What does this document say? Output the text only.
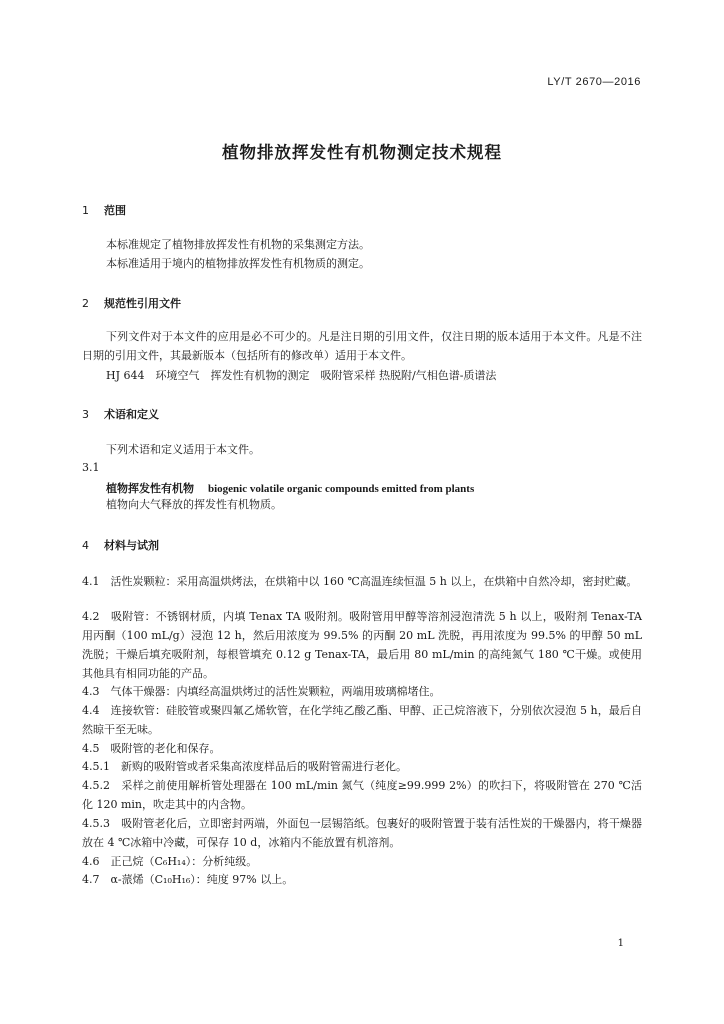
LY/T 2670—2016
植物排放挥发性有机物测定技术规程
1 范围
本标准规定了植物排放挥发性有机物的采集测定方法。
本标准适用于境内的植物排放挥发性有机物质的测定。
2 规范性引用文件
下列文件对于本文件的应用是必不可少的。凡是注日期的引用文件，仅注日期的版本适用于本文件。凡是不注日期的引用文件，其最新版本（包括所有的修改单）适用于本文件。
HJ 644　环境空气　挥发性有机物的测定　吸附管采样 热脱附/气相色谱-质谱法
3 术语和定义
下列术语和定义适用于本文件。
3.1
植物挥发性有机物 biogenic volatile organic compounds emitted from plants
植物向大气释放的挥发性有机物质。
4 材料与试剂
4.1　活性炭颗粒：采用高温烘烤法，在烘箱中以 160 ℃高温连续恒温 5 h 以上，在烘箱中自然冷却，密封贮藏。
4.2　吸附管：不锈钢材质，内填 Tenax TA 吸附剂。吸附管用甲醇等溶剂浸泡清洗 5 h 以上，吸附剂 Tenax-TA 用丙酮（100 mL/g）浸泡 12 h，然后用浓度为 99.5% 的丙酮 20 mL 洗脱，再用浓度为 99.5% 的甲醇 50 mL 洗脱；干燥后填充吸附剂，每根管填充 0.12 g Tenax-TA，最后用 80 mL/min 的高纯氮气 180 ℃干燥。或使用其他具有相同功能的产品。
4.3　气体干燥器：内填经高温烘烤过的活性炭颗粒，两端用玻璃棉堵住。
4.4　连接软管：硅胶管或聚四氟乙烯软管，在化学纯乙酸乙酯、甲醇、正己烷溶液下，分别依次浸泡 5 h，最后自然晾干至无味。
4.5　吸附管的老化和保存。
4.5.1　新购的吸附管或者采集高浓度样品后的吸附管需进行老化。
4.5.2　采样之前使用解析管处理器在 100 mL/min 氮气（纯度≥99.999 2%）的吹扫下，将吸附管在 270 ℃活化 120 min，吹走其中的内含物。
4.5.3　吸附管老化后，立即密封两端，外面包一层锡箔纸。包裹好的吸附管置于装有活性炭的干燥器内，将干燥器放在 4 ℃冰箱中冷藏，可保存 10 d，冰箱内不能放置有机溶剂。
4.6　正己烷（C₆H₁₄）：分析纯级。
4.7　α-蒎烯（C₁₀H₁₆）：纯度 97% 以上。
1
